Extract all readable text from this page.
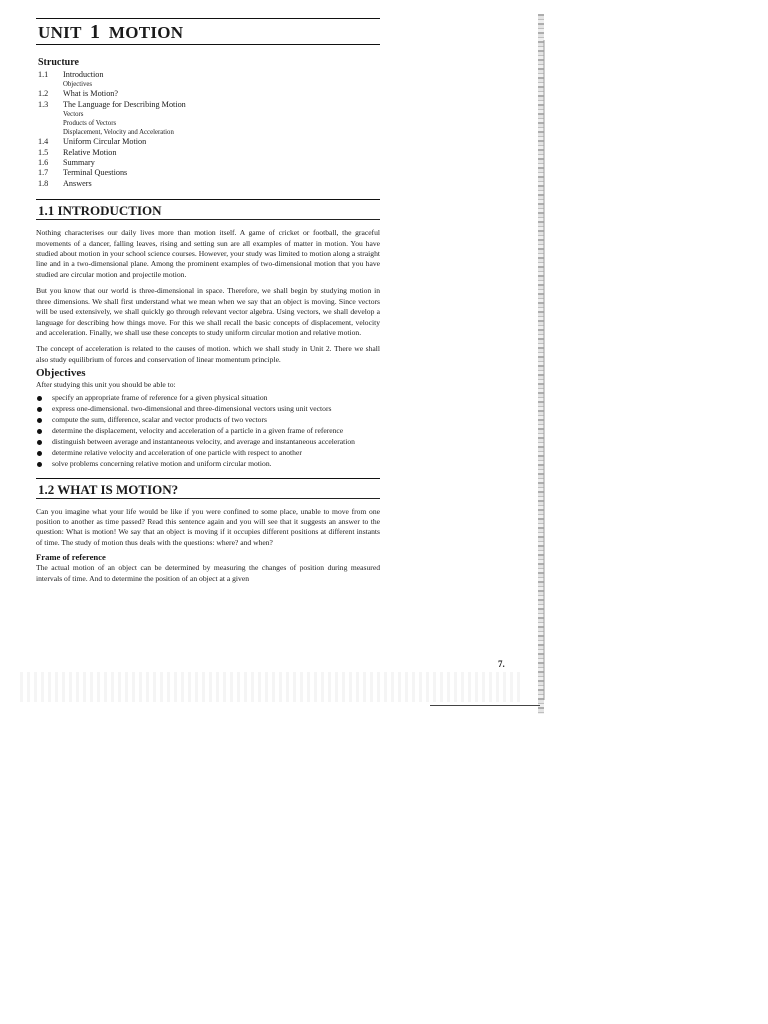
UNIT 1 MOTION
Structure
1.1	Introduction
Objectives
1.2	What is Motion?
1.3	The Language for Describing Motion
Vectors
Products of Vectors
Displacement, Velocity and Acceleration
1.4	Uniform Circular Motion
1.5	Relative Motion
1.6	Summary
1.7	Terminal Questions
1.8	Answers
1.1 INTRODUCTION

Nothing characterises our daily lives more than motion itself. A game of cricket or football, the graceful movements of a dancer, falling leaves, rising and setting sun are all examples of matter in motion. You have studied about motion in your school science courses. However, your study was limited to motion along a straight line and in a two-dimensional plane. Among the prominent examples of two-dimensional motion that you have studied are circular motion and projectile motion.

But you know that our world is three-dimensional in space. Therefore, we shall begin by studying motion in three dimensions. We shall first understand what we mean when we say that an object is moving. Since vectors will be used extensively, we shall quickly go through relevant vector algebra. Using vectors, we shall develop a language for describing how things move. For this we shall recall the basic concepts of displacement, velocity and acceleration. Finally, we shall use these concepts to study uniform circular motion and relative motion.

The concept of acceleration is related to the causes of motion. which we shall study in Unit 2. There we shall also study equilibrium of forces and conservation of linear momentum principle.

Objectives

After studying this unit you should be able to:

specify an appropriate frame of reference for a given physical situation
express one-dimensional. two-dimensional and three-dimensional vectors using unit vectors
compute the sum, difference, scalar and vector products of two vectors
determine the displacement, velocity and acceleration of a particle in a given frame of reference
distinguish between average and instantaneous velocity, and average and instantaneous acceleration
determine relative velocity and acceleration of one particle with respect to another
solve problems concerning relative motion and uniform circular motion.
1.2 WHAT IS MOTION?

Can you imagine what your life would be like if you were confined to some place, unable to move from one position to another as time passed? Read this sentence again and you will see that it suggests an answer to the question: What is motion! We say that an object is moving if it occupies different positions at different instants of time. The study of motion thus deals with the questions: where? and when?

Frame of reference

The actual motion of an object can be determined by measuring the changes of position during measured intervals of time. And to determine the position of an object at a given

7.
